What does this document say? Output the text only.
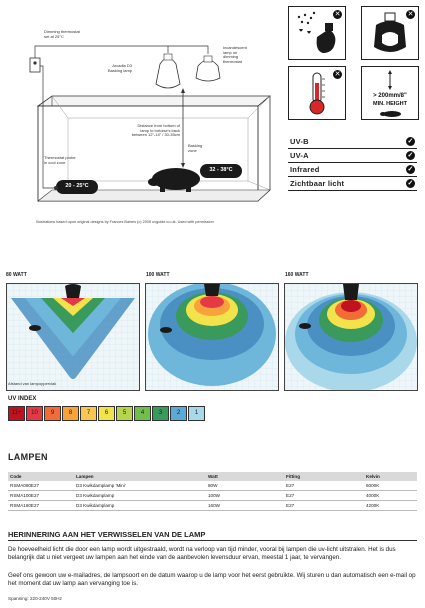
Dimming thermostat
set at 25°C
Arcadia D3
Basking lamp
Incandescent
lamp on
dimming
thermostat
Distance from bottom of
lamp to tortoise's back
between 12"-14" / 30-35cm
Basking
zone
Thermostat probe
in cool zone
20 - 25°C
32 - 38°C
Illustrations based upon original designs by Frances Baines (c) 2009 uvguide.co.uk. Used with permission
✕	✕
✕
> 200mm/8"
MIN. HEIGHT
UV-B	✓
UV-A	✓
Infrared	✓
Zichtbaar licht	✓
80 WATT	100 WATT	160 WATT
Afstand van lampoppervlak
UV INDEX
11+	10	9	8	7	6	5	4	3	2	1
LAMPEN
Code	Lampen	Watt	Fitting	Kelvin
RSMA080E27	D3 Kwikdamplamp 'Mini'	80W	E27	6000K
RSMA100E27	D3 Kwikdamplamp	100W	E27	4000K
RSMA160E27	D3 Kwikdamplamp	160W	E27	4200K
HERINNERING AAN HET VERWISSELEN VAN DE LAMP
De hoeveelheid licht die door een lamp wordt uitgestraald, wordt na verloop van tijd minder, vooral bij lampen die uv-licht uitstralen. Het is dus belangrijk dat u niet vergeet uw lampen aan het einde van de aanbevolen levensduur ervan, meestal 1 jaar, te vervangen.
Geef ons gewoon uw e-mailadres, de lampsoort en de datum waarop u de lamp voor het eerst gebruikte. Wij sturen u dan automatisch een e-mail op het moment dat uw lamp aan vervanging toe is.
Spanning: 220-240V 50Hz
